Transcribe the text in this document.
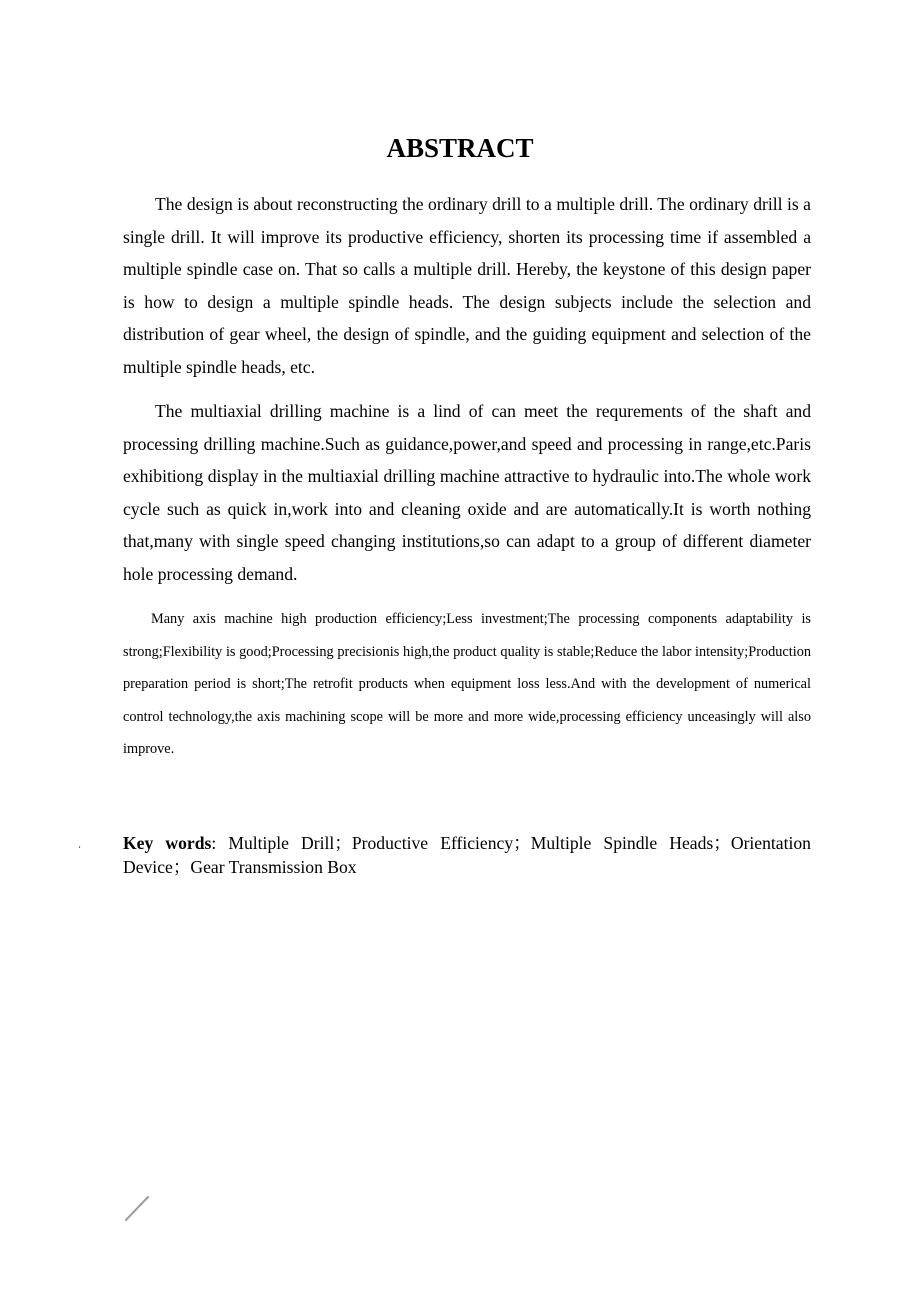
ABSTRACT

The design is about reconstructing the ordinary drill to a multiple drill. The ordinary drill is a single drill. It will improve its productive efficiency, shorten its processing time if assembled a multiple spindle case on. That so calls a multiple drill. Hereby, the keystone of this design paper is how to design a multiple spindle heads. The design subjects include the selection and distribution of gear wheel, the design of spindle, and the guiding equipment and selection of the multiple spindle heads, etc.

The multiaxial drilling machine is a lind of can meet the requrements of the shaft and processing drilling machine.Such as guidance,power,and speed and processing in range,etc.Paris exhibitiong display in the multiaxial drilling machine attractive to hydraulic into.The whole work cycle such as quick in,work into and cleaning oxide and are automatically.It is worth nothing that,many with single speed changing institutions,so can adapt to a group of different diameter hole processing demand.

Many axis machine high production efficiency;Less investment;The processing components adaptability is strong;Flexibility is good;Processing precisionis high,the product quality is stable;Reduce the labor intensity;Production preparation period is short;The retrofit products when equipment loss less.And with the development of numerical control technology,the axis machining scope will be more and more wide,processing efficiency unceasingly will also improve.

، Key words: Multiple Drill；Productive Efficiency；Multiple Spindle Heads；Orientation Device；Gear Transmission Box
